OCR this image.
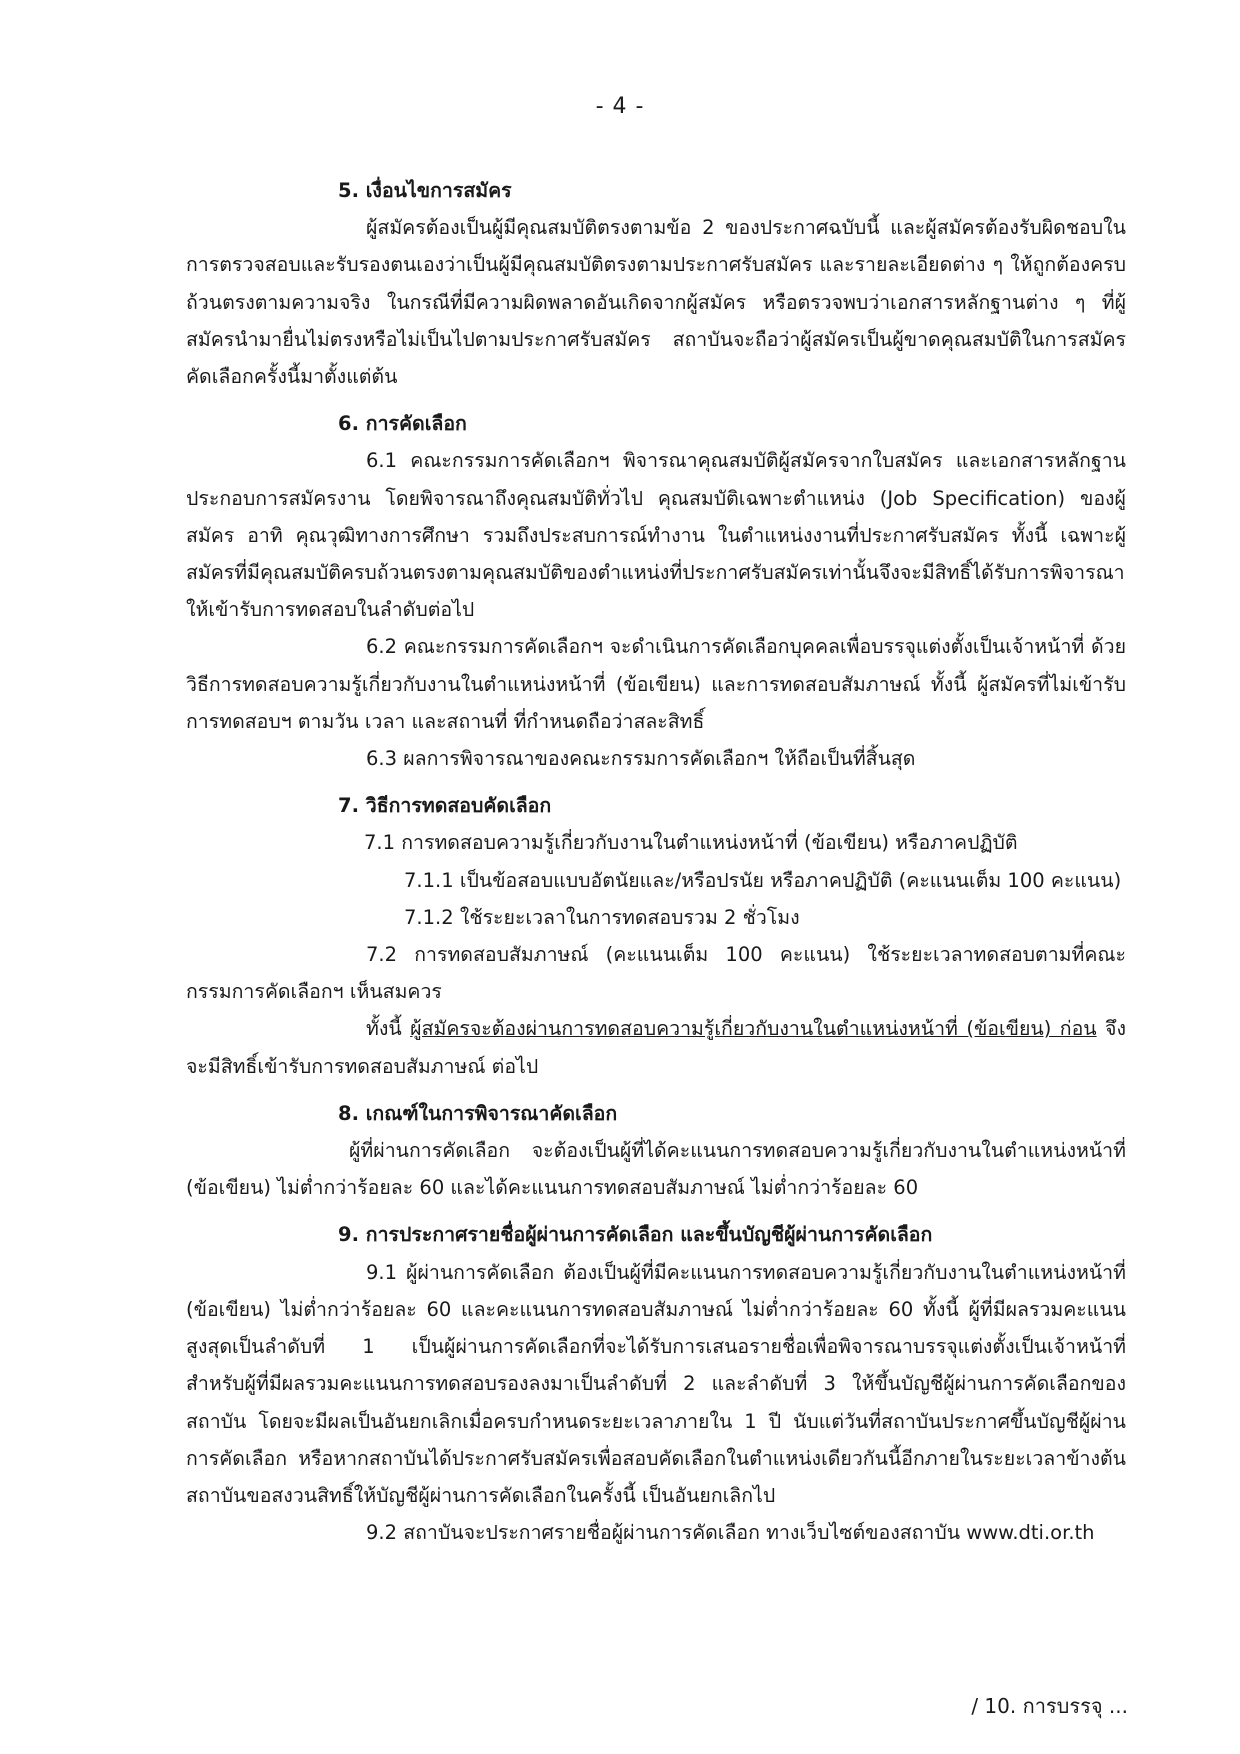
- 4 -

5. เงื่อนไขการสมัคร

ผู้สมัครต้องเป็นผู้มีคุณสมบัติตรงตามข้อ 2 ของประกาศฉบับนี้ และผู้สมัครต้องรับผิดชอบในการตรวจสอบและรับรองตนเองว่าเป็นผู้มีคุณสมบัติตรงตามประกาศรับสมัคร และรายละเอียดต่าง ๆ ให้ถูกต้องครบถ้วนตรงตามความจริง ในกรณีที่มีความผิดพลาดอันเกิดจากผู้สมัคร หรือตรวจพบว่าเอกสารหลักฐานต่าง ๆ ที่ผู้สมัครนำมายื่นไม่ตรงหรือไม่เป็นไปตามประกาศรับสมัคร สถาบันจะถือว่าผู้สมัครเป็นผู้ขาดคุณสมบัติในการสมัครคัดเลือกครั้งนี้มาตั้งแต่ต้น

6. การคัดเลือก

6.1 คณะกรรมการคัดเลือกฯ พิจารณาคุณสมบัติผู้สมัครจากใบสมัคร และเอกสารหลักฐานประกอบการสมัครงาน โดยพิจารณาถึงคุณสมบัติทั่วไป คุณสมบัติเฉพาะตำแหน่ง (Job Specification) ของผู้สมัคร อาทิ คุณวุฒิทางการศึกษา รวมถึงประสบการณ์ทำงาน ในตำแหน่งงานที่ประกาศรับสมัคร ทั้งนี้ เฉพาะผู้สมัครที่มีคุณสมบัติครบถ้วนตรงตามคุณสมบัติของตำแหน่งที่ประกาศรับสมัครเท่านั้นจึงจะมีสิทธิ์ได้รับการพิจารณาให้เข้ารับการทดสอบในลำดับต่อไป

6.2 คณะกรรมการคัดเลือกฯ จะดำเนินการคัดเลือกบุคคลเพื่อบรรจุแต่งตั้งเป็นเจ้าหน้าที่ ด้วยวิธีการทดสอบความรู้เกี่ยวกับงานในตำแหน่งหน้าที่ (ข้อเขียน) และการทดสอบสัมภาษณ์ ทั้งนี้ ผู้สมัครที่ไม่เข้ารับการทดสอบฯ ตามวัน เวลา และสถานที่ ที่กำหนดถือว่าสละสิทธิ์

6.3 ผลการพิจารณาของคณะกรรมการคัดเลือกฯ ให้ถือเป็นที่สิ้นสุด

7. วิธีการทดสอบคัดเลือก

7.1 การทดสอบความรู้เกี่ยวกับงานในตำแหน่งหน้าที่ (ข้อเขียน) หรือภาคปฏิบัติ

7.1.1 เป็นข้อสอบแบบอัตนัยและ/หรือปรนัย หรือภาคปฏิบัติ (คะแนนเต็ม 100 คะแนน)

7.1.2 ใช้ระยะเวลาในการทดสอบรวม 2 ชั่วโมง

7.2 การทดสอบสัมภาษณ์ (คะแนนเต็ม 100 คะแนน) ใช้ระยะเวลาทดสอบตามที่คณะกรรมการคัดเลือกฯ เห็นสมควร

ทั้งนี้ ผู้สมัครจะต้องผ่านการทดสอบความรู้เกี่ยวกับงานในตำแหน่งหน้าที่ (ข้อเขียน) ก่อน จึงจะมีสิทธิ์เข้ารับการทดสอบสัมภาษณ์ ต่อไป

8. เกณฑ์ในการพิจารณาคัดเลือก

ผู้ที่ผ่านการคัดเลือก จะต้องเป็นผู้ที่ได้คะแนนการทดสอบความรู้เกี่ยวกับงานในตำแหน่งหน้าที่ (ข้อเขียน) ไม่ต่ำกว่าร้อยละ 60 และได้คะแนนการทดสอบสัมภาษณ์ ไม่ต่ำกว่าร้อยละ 60

9. การประกาศรายชื่อผู้ผ่านการคัดเลือก และขึ้นบัญชีผู้ผ่านการคัดเลือก

9.1 ผู้ผ่านการคัดเลือก ต้องเป็นผู้ที่มีคะแนนการทดสอบความรู้เกี่ยวกับงานในตำแหน่งหน้าที่ (ข้อเขียน) ไม่ต่ำกว่าร้อยละ 60 และคะแนนการทดสอบสัมภาษณ์ ไม่ต่ำกว่าร้อยละ 60 ทั้งนี้ ผู้ที่มีผลรวมคะแนนสูงสุดเป็นลำดับที่ 1 เป็นผู้ผ่านการคัดเลือกที่จะได้รับการเสนอรายชื่อเพื่อพิจารณาบรรจุแต่งตั้งเป็นเจ้าหน้าที่ สำหรับผู้ที่มีผลรวมคะแนนการทดสอบรองลงมาเป็นลำดับที่ 2 และลำดับที่ 3 ให้ขึ้นบัญชีผู้ผ่านการคัดเลือกของสถาบัน โดยจะมีผลเป็นอันยกเลิกเมื่อครบกำหนดระยะเวลาภายใน 1 ปี นับแต่วันที่สถาบันประกาศขึ้นบัญชีผู้ผ่านการคัดเลือก หรือหากสถาบันได้ประกาศรับสมัครเพื่อสอบคัดเลือกในตำแหน่งเดียวกันนี้อีกภายในระยะเวลาข้างต้น สถาบันขอสงวนสิทธิ์ให้บัญชีผู้ผ่านการคัดเลือกในครั้งนี้ เป็นอันยกเลิกไป

9.2 สถาบันจะประกาศรายชื่อผู้ผ่านการคัดเลือก ทางเว็บไซต์ของสถาบัน www.dti.or.th

/ 10. การบรรจุ ...
